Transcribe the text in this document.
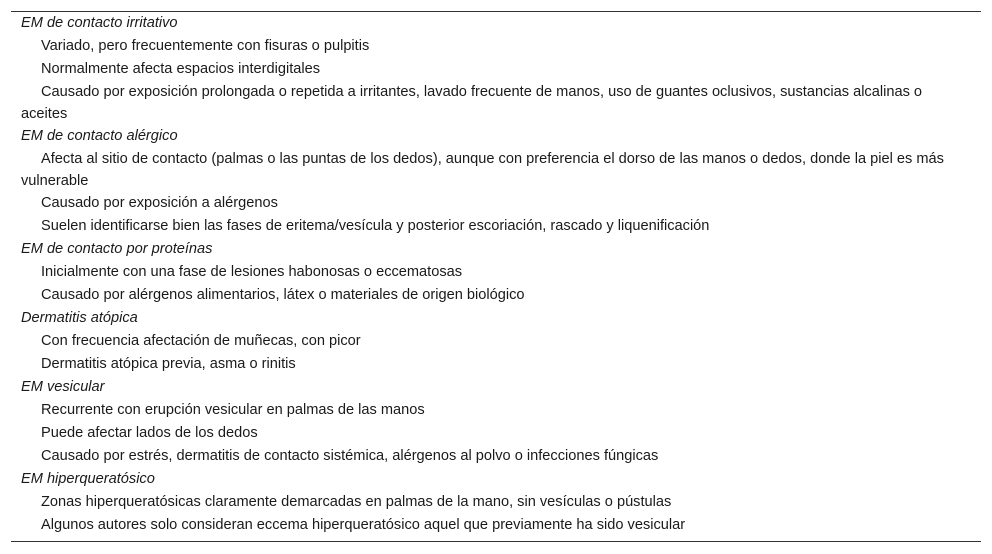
EM de contacto irritativo
Variado, pero frecuentemente con fisuras o pulpitis
Normalmente afecta espacios interdigitales
Causado por exposición prolongada o repetida a irritantes, lavado frecuente de manos, uso de guantes oclusivos, sustancias alcalinas o aceites
EM de contacto alérgico
Afecta al sitio de contacto (palmas o las puntas de los dedos), aunque con preferencia el dorso de las manos o dedos, donde la piel es más vulnerable
Causado por exposición a alérgenos
Suelen identificarse bien las fases de eritema/vesícula y posterior escoriación, rascado y liquenificación
EM de contacto por proteínas
Inicialmente con una fase de lesiones habonosas o eccematosas
Causado por alérgenos alimentarios, látex o materiales de origen biológico
Dermatitis atópica
Con frecuencia afectación de muñecas, con picor
Dermatitis atópica previa, asma o rinitis
EM vesicular
Recurrente con erupción vesicular en palmas de las manos
Puede afectar lados de los dedos
Causado por estrés, dermatitis de contacto sistémica, alérgenos al polvo o infecciones fúngicas
EM hiperqueratósico
Zonas hiperqueratósicas claramente demarcadas en palmas de la mano, sin vesículas o pústulas
Algunos autores solo consideran eccema hiperqueratósico aquel que previamente ha sido vesicular
